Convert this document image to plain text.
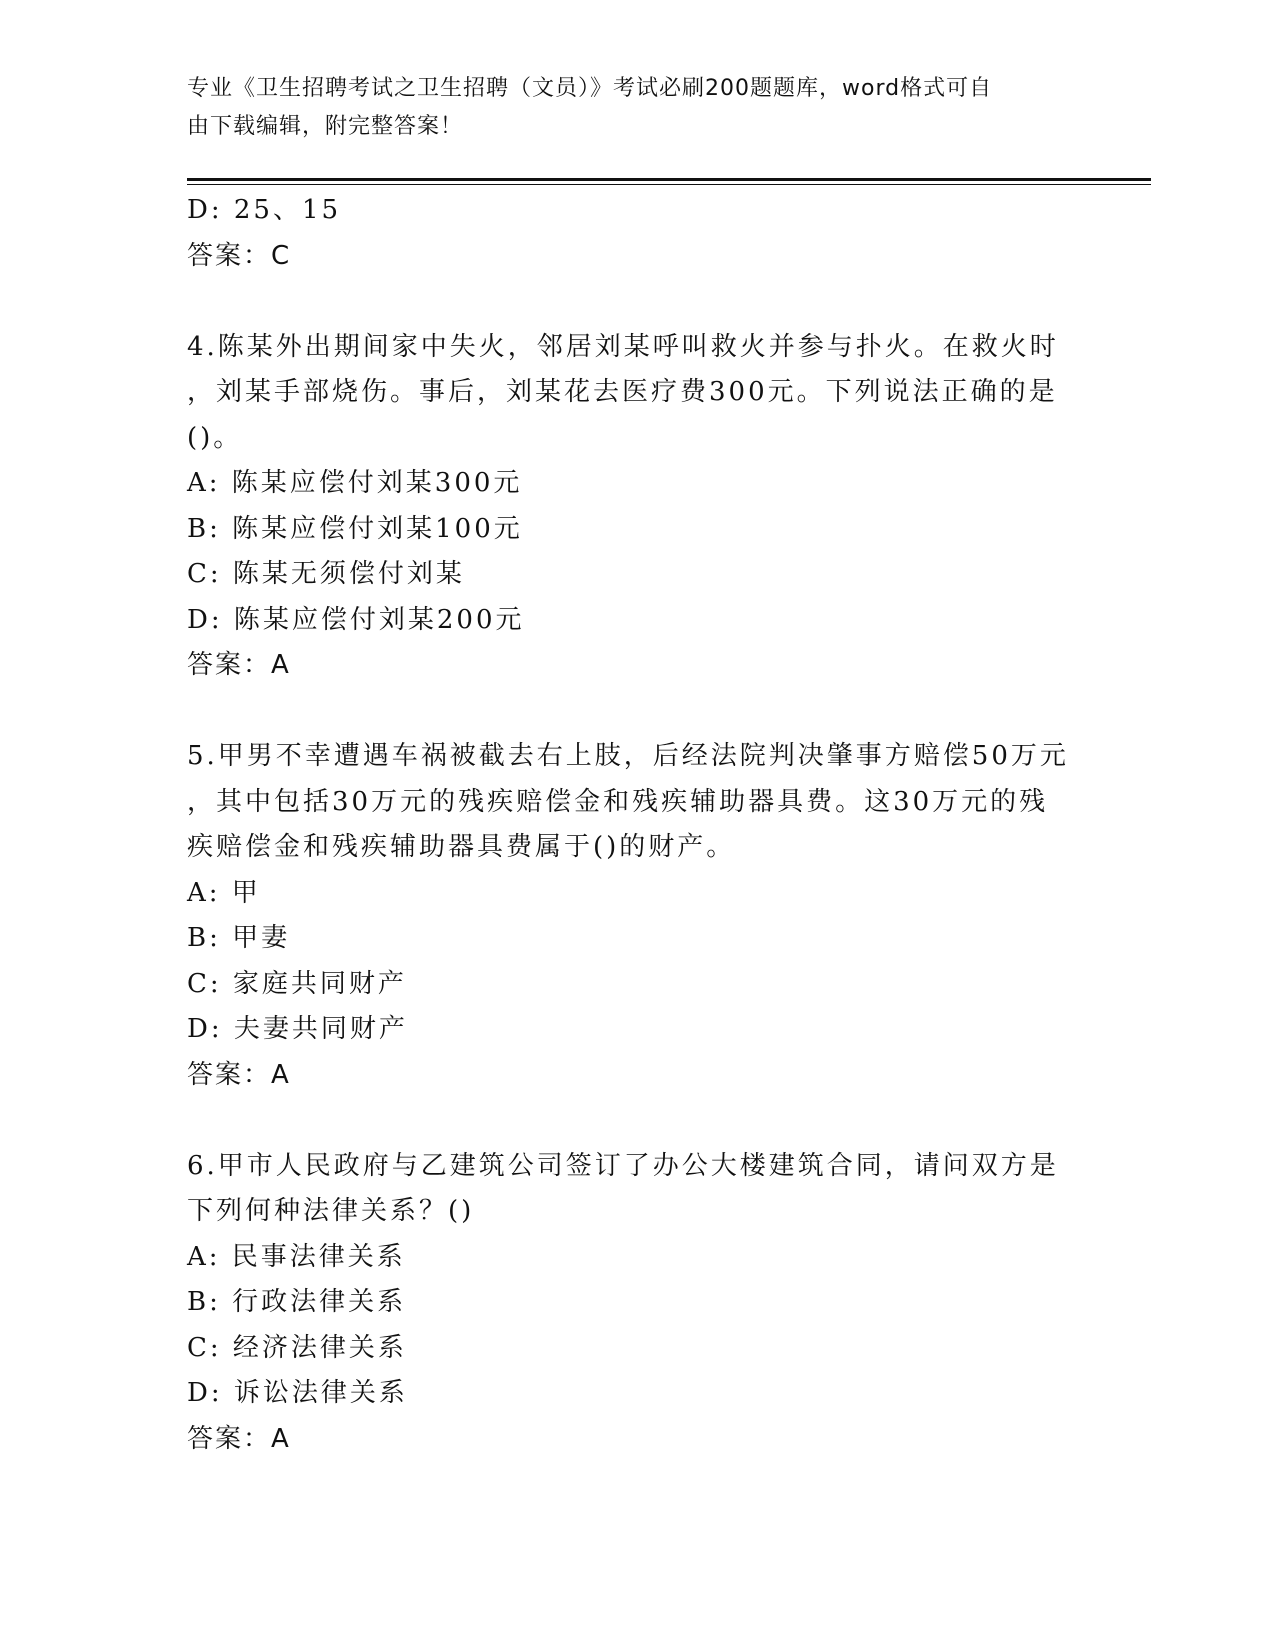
专业《卫生招聘考试之卫生招聘（文员）》考试必刷200题题库，word格式可自
由下载编辑，附完整答案！
D: 25、15
答案：C
4.陈某外出期间家中失火，邻居刘某呼叫救火并参与扑火。在救火时
，刘某手部烧伤。事后，刘某花去医疗费300元。下列说法正确的是
()。
A: 陈某应偿付刘某300元
B: 陈某应偿付刘某100元
C: 陈某无须偿付刘某
D: 陈某应偿付刘某200元
答案：A
5.甲男不幸遭遇车祸被截去右上肢，后经法院判决肇事方赔偿50万元
，其中包括30万元的残疾赔偿金和残疾辅助器具费。这30万元的残
疾赔偿金和残疾辅助器具费属于()的财产。
A: 甲
B: 甲妻
C: 家庭共同财产
D: 夫妻共同财产
答案：A
6.甲市人民政府与乙建筑公司签订了办公大楼建筑合同，请问双方是
下列何种法律关系？()
A: 民事法律关系
B: 行政法律关系
C: 经济法律关系
D: 诉讼法律关系
答案：A
